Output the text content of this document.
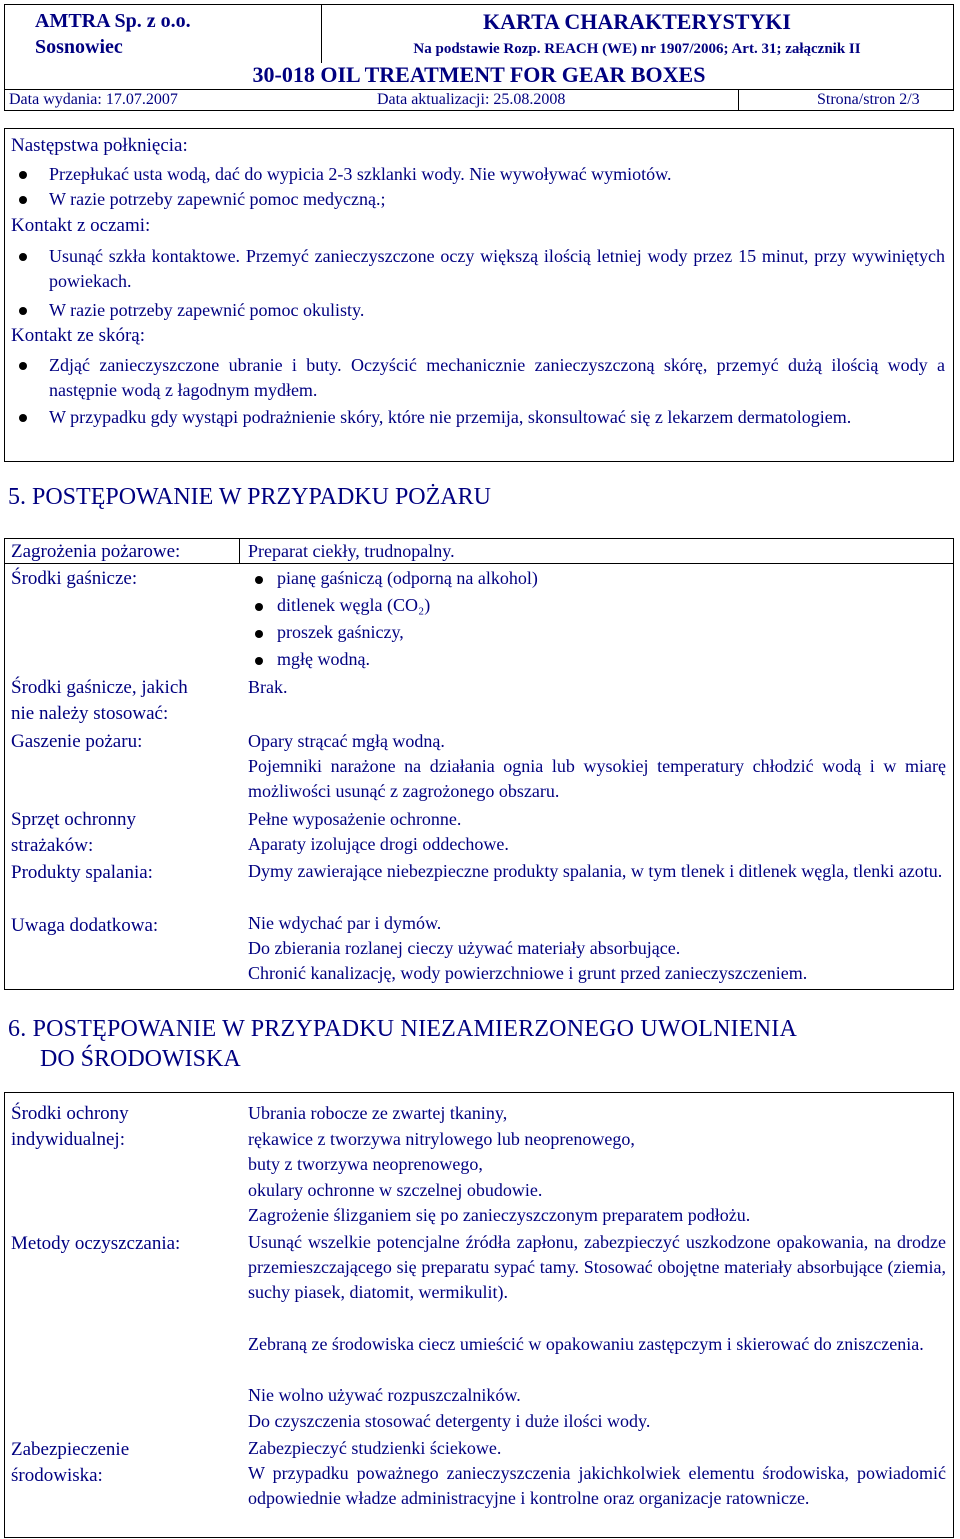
AMTRA Sp. z o.o.
Sosnowiec
KARTA CHARAKTERYSTYKI
Na podstawie Rozp. REACH (WE) nr 1907/2006; Art. 31; załącznik II
30-018 OIL TREATMENT FOR GEAR BOXES
Data wydania: 17.07.2007	Data aktualizacji: 25.08.2008	Strona/stron 2/3
Następstwa połknięcia:
Przepłukać usta wodą, dać do wypicia 2-3 szklanki wody. Nie wywoływać wymiotów.
W razie potrzeby zapewnić pomoc medyczną.;
Kontakt z oczami:
Usunąć szkła kontaktowe. Przemyć zanieczyszczone oczy większą ilością letniej wody przez 15 minut, przy wywiniętych powiekach.
W razie potrzeby zapewnić pomoc okulisty.
Kontakt ze skórą:
Zdjąć zanieczyszczone ubranie i buty. Oczyścić mechanicznie zanieczyszczoną skórę, przemyć dużą ilością wody a następnie wodą z łagodnym mydłem.
W przypadku gdy wystąpi podrażnienie skóry, które nie przemija, skonsultować się z lekarzem dermatologiem.
5. POSTĘPOWANIE W PRZYPADKU POŻARU
Zagrożenia pożarowe:	Preparat ciekły, trudnopalny.
Środki gaśnicze:	pianę gaśniczą (odporną na alkohol)
ditlenek węgla (CO₂)
proszek gaśniczy,
mgłę wodną.
Środki gaśnicze, jakich
nie należy stosować:
Brak.
Gaszenie pożaru:	Opary strącać mgłą wodną.
Pojemniki narażone na działania ognia lub wysokiej temperatury chłodzić wodą i w miarę możliwości usunąć z zagrożonego obszaru.
Sprzęt ochronny
strażaków:
Pełne wyposażenie ochronne.
Aparaty izolujące drogi oddechowe.
Produkty spalania:	Dymy zawierające niebezpieczne produkty spalania, w tym tlenek i ditlenek węgla, tlenki azotu.
Uwaga dodatkowa:	Nie wdychać par i dymów.
Do zbierania rozlanej cieczy używać materiały absorbujące.
Chronić kanalizację, wody powierzchniowe i grunt przed zanieczyszczeniem.
6. POSTĘPOWANIE W PRZYPADKU NIEZAMIERZONEGO UWOLNIENIA
DO ŚRODOWISKA
Środki ochrony
indywidualnej:
Ubrania robocze ze zwartej tkaniny,
rękawice z tworzywa nitrylowego lub neoprenowego,
buty z tworzywa neoprenowego,
okulary ochronne w szczelnej obudowie.
Zagrożenie ślizganiem się po zanieczyszczonym preparatem podłożu.
Metody oczyszczania:	Usunąć wszelkie potencjalne źródła zapłonu, zabezpieczyć uszkodzone opakowania, na drodze przemieszczającego się preparatu sypać tamy. Stosować obojętne materiały absorbujące (ziemia, suchy piasek, diatomit, wermikulit).
Zebraną ze środowiska ciecz umieścić w opakowaniu zastępczym i skierować do zniszczenia.
Nie wolno używać rozpuszczalników.
Do czyszczenia stosować detergenty i duże ilości wody.
Zabezpieczenie
środowiska:
Zabezpieczyć studzienki ściekowe.
W przypadku poważnego zanieczyszczenia jakichkolwiek elementu środowiska, powiadomić odpowiednie władze administracyjne i kontrolne oraz organizacje ratownicze.
